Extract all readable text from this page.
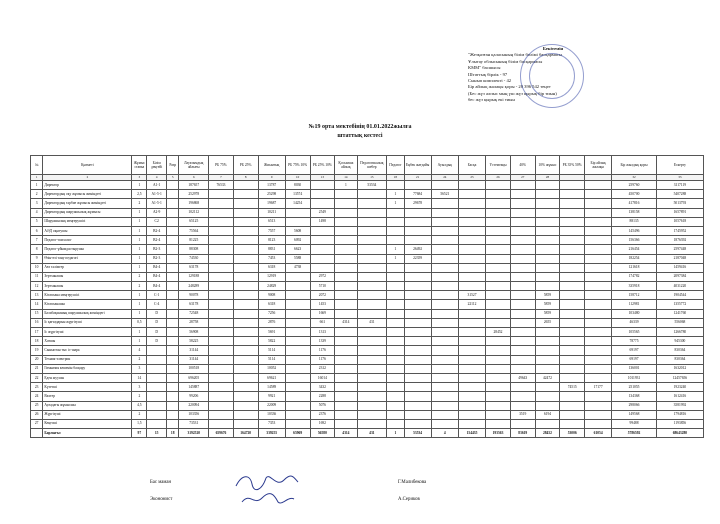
Бекітемін
"Жезқазған қаласының білім бөлімі басқармасы
Ұлытау облысының білім басқармасы
КММ" басшысы
Штаттық бірлік - 97
Сынып комплекті - 42
Бір айлық жалақы қоры - 20 396 542 теңге
(Бес жүз алпыс мың үш жүз қырық бір тиын)
бес жүз қырық екі тиын
№19 орта мектебінің 01.01.2022жылға
штаттық кестесі
№	Қызметі	Жұмыс ставка	Білім деңгейі	Разр	Лауазымдық айлығы	РБ 75%	РБ 25%	Жиынтық	РБ 75% 10%	РБ 25% 10%	Қосымша айлық	Педагогикалық шебер	Педагог	Еңбек жағдайы	Ауылдық	Басқа	Үстемеақы	40%	10% жұмыс	РБ 35% 50%	Бір айлық жалақы	Бір жылдық қоры	Ескерту
1	2	3	4	5	6	7	8	9	10	13	14	15	18	21	24	25	26	27	28			32	33
1	Директор	1	А1-1		187657	76533		13787	8030		1	53534										259760	3117119
2	Директордың оқу жұмысы жөніндегі	2,5	А1-5-1		252978			25298	13574				1	77684	56521							450700	5407288
3	Директордың тәрбие жұмысы жөніндегі	2	А1-5-1		196868			19687	14254				1	29678								417816	5013793
4	Директордың шаруашылық жұмысы	1	А2-9		102112			10211		2549												138158	1657891
5	Шаруашылық меңгерушісі	1	С2		65125			6513		1498												88135	1057618
6	АӘД оқытушы	1	В2-4		75564			7557	5608													145496	1745952
7	Педагог-психолог	1	В2-4		81225			8123	6092													156366	1876392
8	Педагог-ұйымдастырушы	1	В2-3		88308			8831	6623				1	26492								216454	2597448
9	Өзін-өзі тану педагогі	1	В2-3		74530			7453	5588				1	22359								182254	2187048
10	Аға тәлімгер	1	В4-4		63178			6318	4738													121618	1459416
11	Зертханашы	2	В4-4		129188			12919		2972												174782	2097384
12	Зертханашы	2	В4-4		248289			24829		5710												335918	4031220
13	Кітапхана меңгерушісі	1	С-1		90078			9008		2072						31527			5859			158712	1904544
14	Кітапханашы	1	С-4		63178			6318		1453						22112			5859			112981	1355772
15	Балабақшаның шаруашылық жөніндегі	1	D		72548			7256		1669									5859			103480	1241760
16	Іс қағаздарын жүргізуші	0,5	D		28758			2876		661	4314	431							2655			46339	556068
17	Іс жүргізуші	1	D		56908			5691		1313							28452					105565	1266780
18	Хатшы	1	D		58225			5822		1339												78775	945300
19	Сыныптан тыс іс-шара	4			31144			5114		1176												69197	830364
20	Техник-электрик	2			31144			5114		1176												69197	830364
21	Гимназия кешенін басқару	3			100518			10052		2312												136001	1632012
22	Еден жуушы	14			696205			69621		16014								49643	42472			1011931	12457656
23	Күзетші	3			145887			14589		3432										74515	17177	251055	1923240
24	Вахтер	2			99206			9921		2288												134368	1612416
25	Ауладағы жұмысшы	4,5			220094			22009		5076												298066	3581992
26	Жүргізуші	2			103356			10336		2376								3519	6194			149568	1794816
27	Кеңесші	1,5			73531			7353		1692												99488	1193856
	Барлығы:	97	15	18	3192520	659676	164720	339255	65969	56580	4314	431	1	53534	4	154435	193563	83619	28452	53006	61054	5786592	68643280
Бас маман
Экономист
Г.Малибекова
А.Сериков
